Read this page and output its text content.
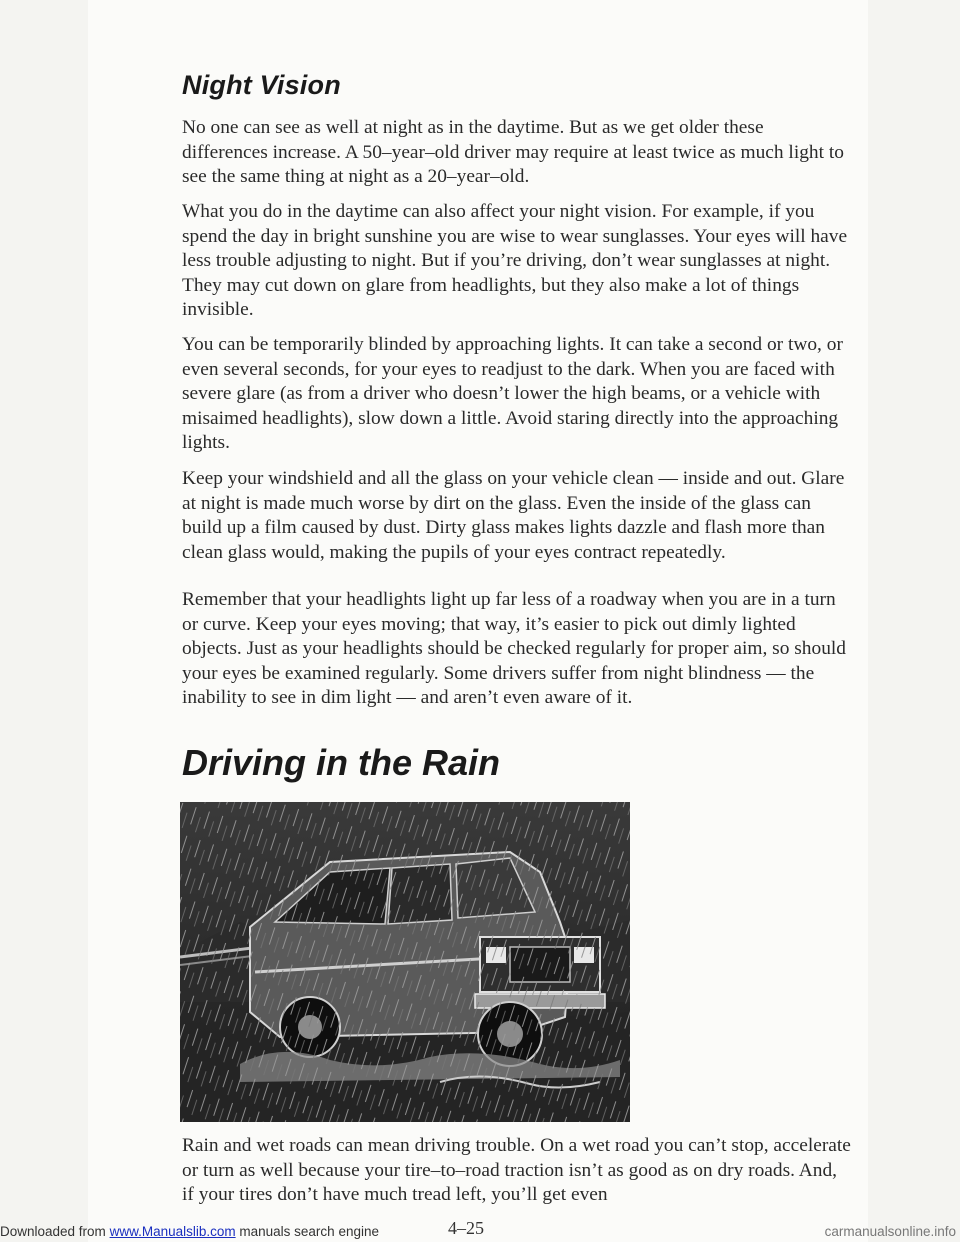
Night Vision

No one can see as well at night as in the daytime. But as we get older these differences increase. A 50–year–old driver may require at least twice as much light to see the same thing at night as a 20–year–old.

What you do in the daytime can also affect your night vision. For example, if you spend the day in bright sunshine you are wise to wear sunglasses. Your eyes will have less trouble adjusting to night. But if you’re driving, don’t wear sunglasses at night. They may cut down on glare from headlights, but they also make a lot of things invisible.

You can be temporarily blinded by approaching lights. It can take a second or two, or even several seconds, for your eyes to readjust to the dark. When you are faced with severe glare (as from a driver who doesn’t lower the high beams, or a vehicle with misaimed headlights), slow down a little. Avoid staring directly into the approaching lights.

Keep your windshield and all the glass on your vehicle clean — inside and out. Glare at night is made much worse by dirt on the glass. Even the inside of the glass can build up a film caused by dust. Dirty glass makes lights dazzle and flash more than clean glass would, making the pupils of your eyes contract repeatedly.

Remember that your headlights light up far less of a roadway when you are in a turn or curve. Keep your eyes moving; that way, it’s easier to pick out dimly lighted objects. Just as your headlights should be checked regularly for proper aim, so should your eyes be examined regularly. Some drivers suffer from night blindness — the inability to see in dim light — and aren’t even aware of it.

Driving in the Rain

Rain and wet roads can mean driving trouble. On a wet road you can’t stop, accelerate or turn as well because your tire–to–road traction isn’t as good as on dry roads. And, if your tires don’t have much tread left, you’ll get even

4–25
Downloaded from www.Manualslib.com manuals search engine	carmanualsonline.info
